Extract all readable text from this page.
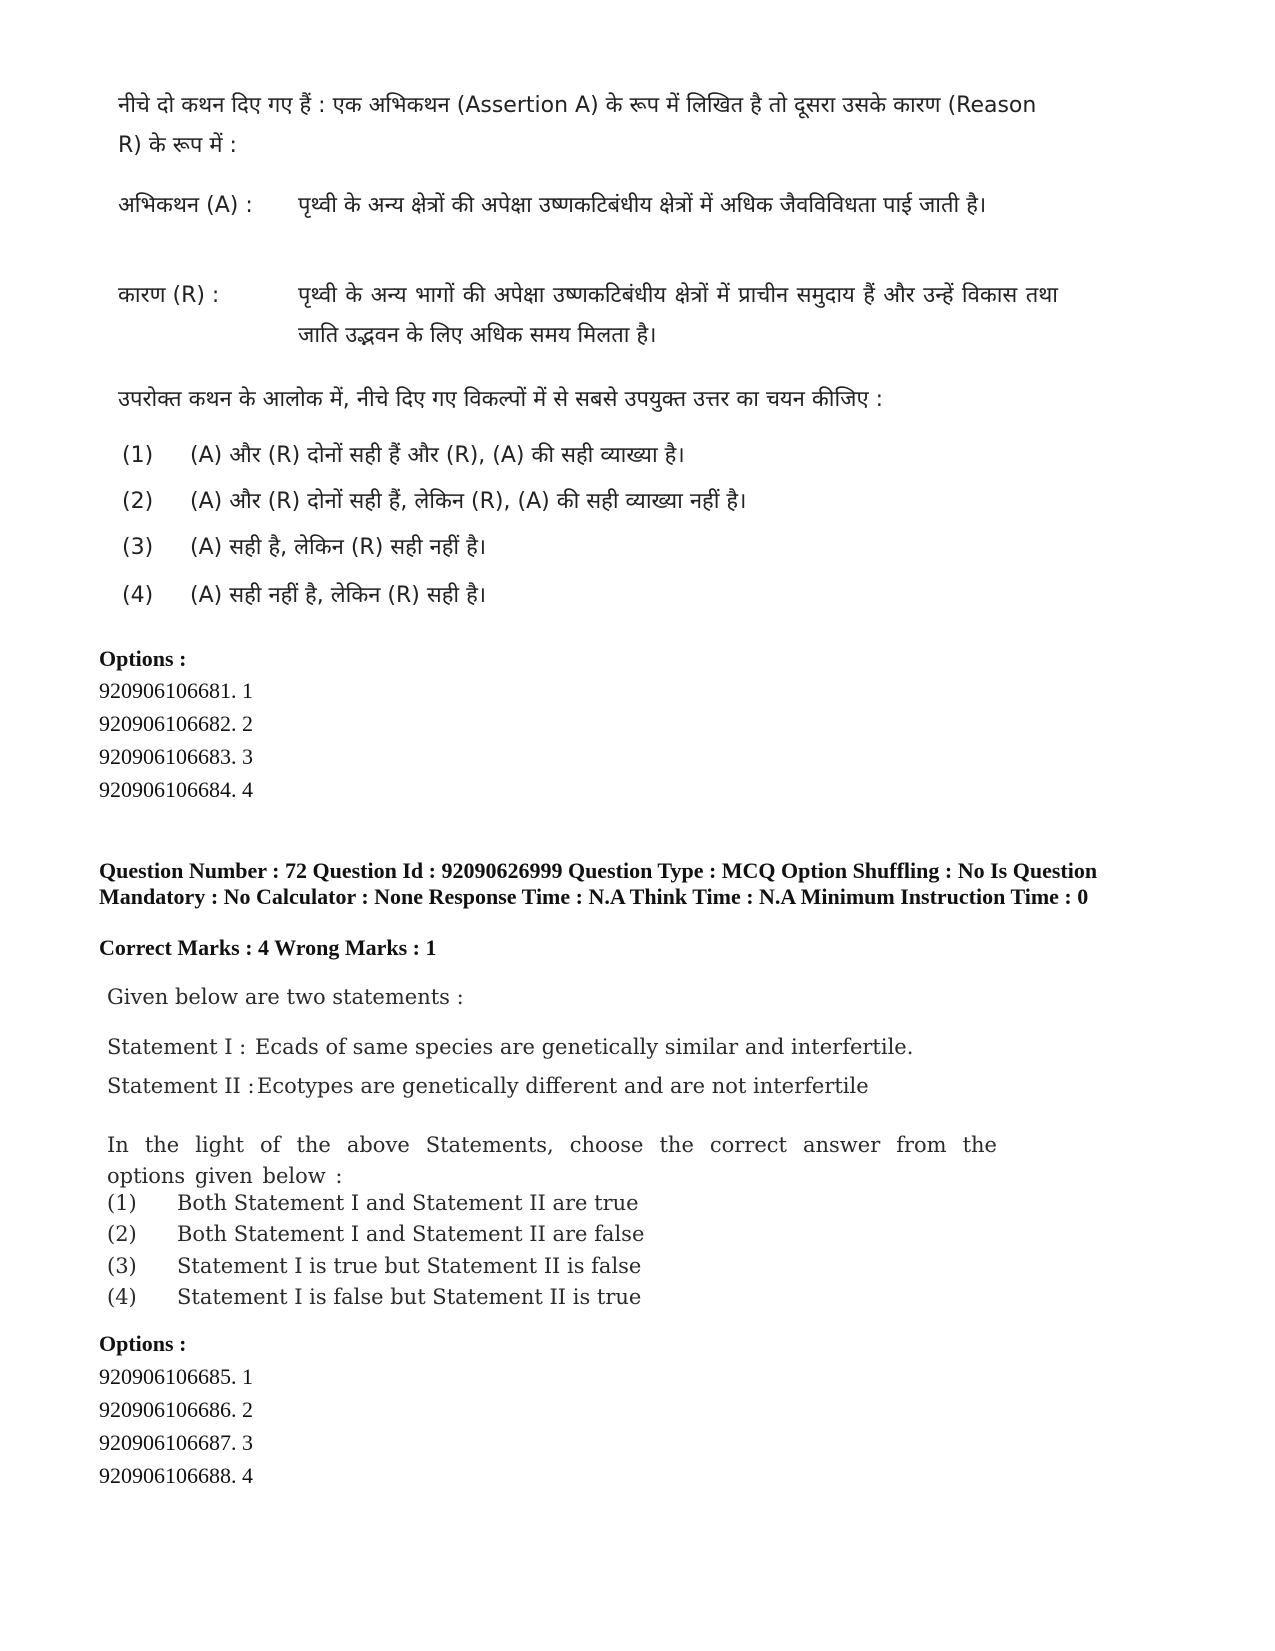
नीचे दो कथन दिए गए हैं : एक अभिकथन (Assertion A) के रूप में लिखित है तो दूसरा उसके कारण (Reason R) के रूप में :

अभिकथन (A) :	पृथ्वी के अन्य क्षेत्रों की अपेक्षा उष्णकटिबंधीय क्षेत्रों में अधिक जैवविविधता पाई जाती है।
कारण (R) :	पृथ्वी के अन्य भागों की अपेक्षा उष्णकटिबंधीय क्षेत्रों में प्राचीन समुदाय हैं और उन्हें विकास तथा जाति उद्भवन के लिए अधिक समय मिलता है।
उपरोक्त कथन के आलोक में, नीचे दिए गए विकल्पों में से सबसे उपयुक्त उत्तर का चयन कीजिए :
(1) (A) और (R) दोनों सही हैं और (R), (A) की सही व्याख्या है।
(2) (A) और (R) दोनों सही हैं, लेकिन (R), (A) की सही व्याख्या नहीं है।
(3) (A) सही है, लेकिन (R) सही नहीं है।
(4) (A) सही नहीं है, लेकिन (R) सही है।
Options :
920906106681. 1
920906106682. 2
920906106683. 3
920906106684. 4
Question Number : 72 Question Id : 92090626999 Question Type : MCQ Option Shuffling : No Is Question Mandatory : No Calculator : None Response Time : N.A Think Time : N.A Minimum Instruction Time : 0
Correct Marks : 4 Wrong Marks : 1
Given below are two statements :
Statement I : Ecads of same species are genetically similar and interfertile.
Statement II : Ecotypes are genetically different and are not interfertile
In the light of the above Statements, choose the correct answer from the options given below :
(1) Both Statement I and Statement II are true
(2) Both Statement I and Statement II are false
(3) Statement I is true but Statement II is false
(4) Statement I is false but Statement II is true
Options :
920906106685. 1
920906106686. 2
920906106687. 3
920906106688. 4
